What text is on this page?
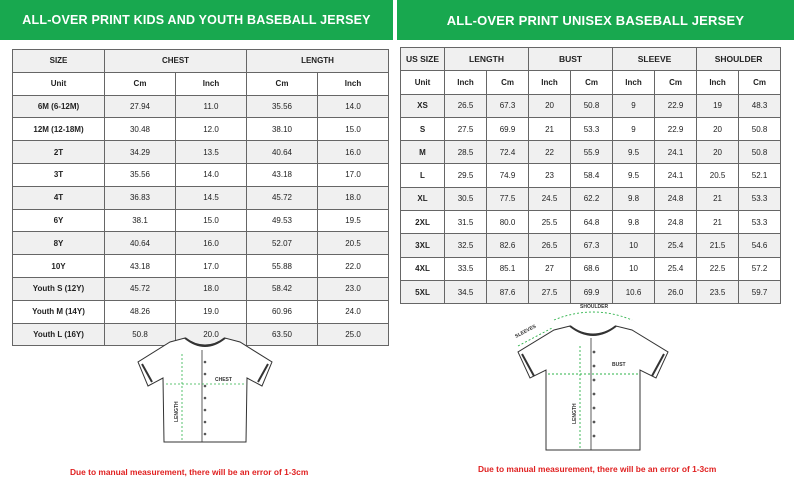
ALL-OVER PRINT KIDS AND YOUTH BASEBALL JERSEY	ALL-OVER PRINT UNISEX BASEBALL JERSEY
SIZE	CHEST		LENGTH	
Unit	Cm	Inch	Cm	Inch
6M (6-12M)	27.94	11.0	35.56	14.0
12M (12-18M)	30.48	12.0	38.10	15.0
2T	34.29	13.5	40.64	16.0
3T	35.56	14.0	43.18	17.0
4T	36.83	14.5	45.72	18.0
6Y	38.1	15.0	49.53	19.5
8Y	40.64	16.0	52.07	20.5
10Y	43.18	17.0	55.88	22.0
Youth S (12Y)	45.72	18.0	58.42	23.0
Youth M (14Y)	48.26	19.0	60.96	24.0
Youth L (16Y)	50.8	20.0	63.50	25.0
US SIZE	LENGTH		BUST		SLEEVE		SHOULDER	
Unit	Inch	Cm	Inch	Cm	Inch	Cm	Inch	Cm
XS	26.5	67.3	20	50.8	9	22.9	19	48.3
S	27.5	69.9	21	53.3	9	22.9	20	50.8
M	28.5	72.4	22	55.9	9.5	24.1	20	50.8
L	29.5	74.9	23	58.4	9.5	24.1	20.5	52.1
XL	30.5	77.5	24.5	62.2	9.8	24.8	21	53.3
2XL	31.5	80.0	25.5	64.8	9.8	24.8	21	53.3
3XL	32.5	82.6	26.5	67.3	10	25.4	21.5	54.6
4XL	33.5	85.1	27	68.6	10	25.4	22.5	57.2
5XL	34.5	87.6	27.5	69.9	10.6	26.0	23.5	59.7
CHEST
LENGTH
SHOULDER
SLEEVES
BUST
LENGTH
Due to manual measurement, there will be an error of 1-3cm	Due to manual measurement, there will be an error of 1-3cm
